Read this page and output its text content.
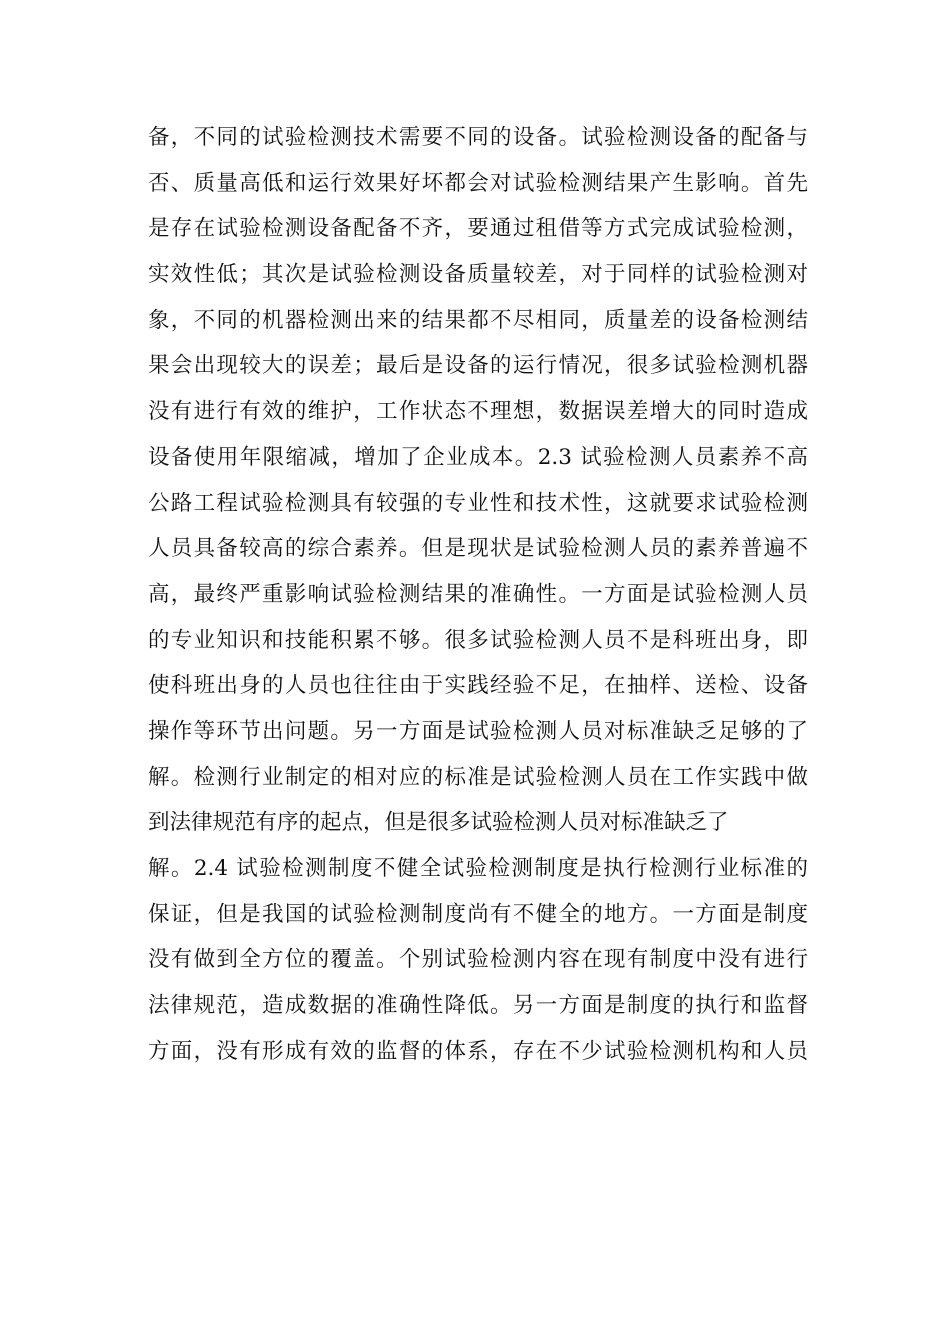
备，不同的试验检测技术需要不同的设备。试验检测设备的配备与
否、质量高低和运行效果好坏都会对试验检测结果产生影响。首先
是存在试验检测设备配备不齐，要通过租借等方式完成试验检测，
实效性低；其次是试验检测设备质量较差，对于同样的试验检测对
象，不同的机器检测出来的结果都不尽相同，质量差的设备检测结
果会出现较大的误差；最后是设备的运行情况，很多试验检测机器
没有进行有效的维护，工作状态不理想，数据误差增大的同时造成
设备使用年限缩减，增加了企业成本。2.3 试验检测人员素养不高
公路工程试验检测具有较强的专业性和技术性，这就要求试验检测
人员具备较高的综合素养。但是现状是试验检测人员的素养普遍不
高，最终严重影响试验检测结果的准确性。一方面是试验检测人员
的专业知识和技能积累不够。很多试验检测人员不是科班出身，即
使科班出身的人员也往往由于实践经验不足，在抽样、送检、设备
操作等环节出问题。另一方面是试验检测人员对标准缺乏足够的了
解。检测行业制定的相对应的标准是试验检测人员在工作实践中做
到法律规范有序的起点，但是很多试验检测人员对标准缺乏了
解。2.4 试验检测制度不健全试验检测制度是执行检测行业标准的
保证，但是我国的试验检测制度尚有不健全的地方。一方面是制度
没有做到全方位的覆盖。个别试验检测内容在现有制度中没有进行
法律规范，造成数据的准确性降低。另一方面是制度的执行和监督
方面，没有形成有效的监督的体系，存在不少试验检测机构和人员
